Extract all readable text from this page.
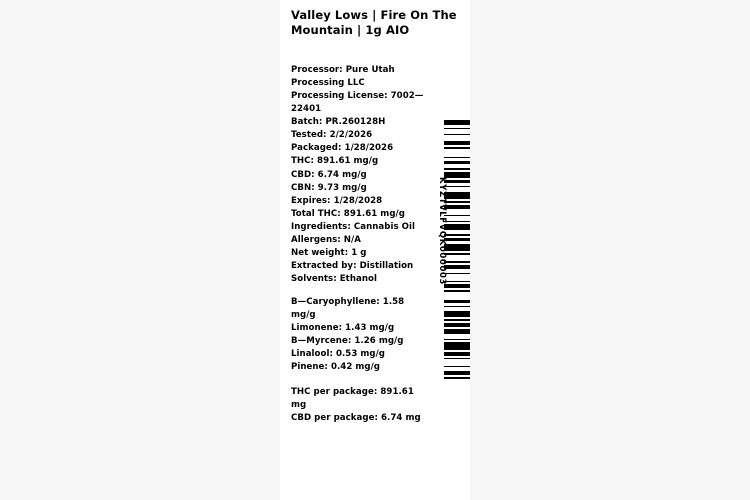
Valley Lows | Fire On The Mountain | 1g AIO
Processor: Pure Utah Processing LLC
Processing License: 7002—22401
Batch: PR.260128H
Tested: 2/2/2026
Packaged: 1/28/2026
THC: 891.61 mg/g
CBD: 6.74 mg/g
CBN: 9.73 mg/g
Expires: 1/28/2028
Total THC: 891.61 mg/g
Ingredients: Cannabis Oil
Allergens: N/A
Net weight: 1 g
Extracted by: Distillation
Solvents: Ethanol
B—Caryophyllene: 1.58 mg/g
Limonene: 1.43 mg/g
B—Myrcene: 1.26 mg/g
Linalool: 0.53 mg/g
Pinene: 0.42 mg/g
THC per package: 891.61 mg
CBD per package: 6.74 mg
KYZTVLFVQK000003
